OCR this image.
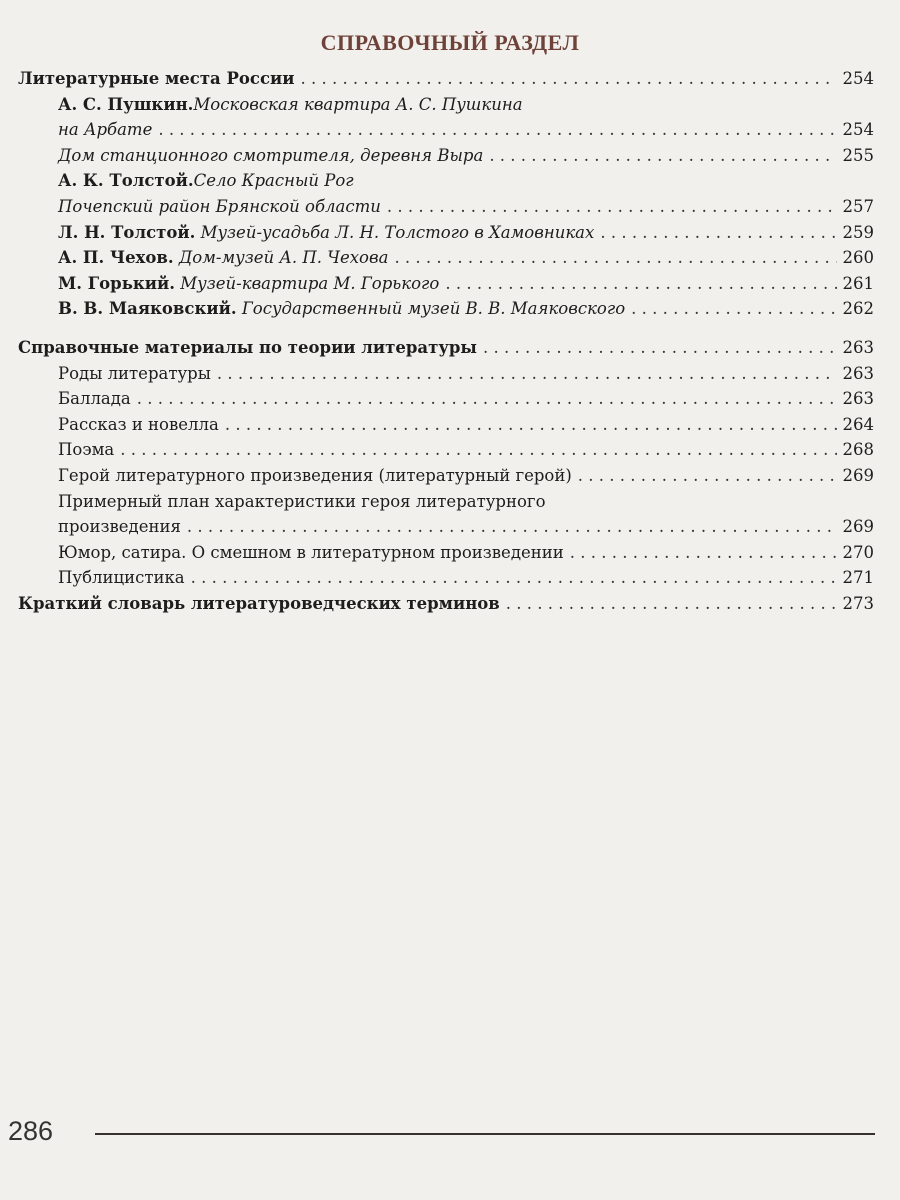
СПРАВОЧНЫЙ РАЗДЕЛ
Литературные места России . . .	254
А. С. Пушкин. Московская квартира А. С. Пушкина
на Арбате . . .	254
Дом станционного смотрителя, деревня Выра . . .	255
А. К. Толстой. Село Красный Рог
Почепский район Брянской области . . .	257
Л. Н. Толстой.
Музей-усадьба Л. Н. Толстого в Хамовниках . . .	259
А. П. Чехов.
Дом-музей А. П. Чехова . . .	260
М. Горький.
Музей-квартира М. Горького . . .	261
В. В. Маяковский.
Государственный музей В. В. Маяковского . . .	262
Справочные материалы по теории литературы . . .	263
Роды литературы . . .	263
Баллада . . .	263
Рассказ и новелла . . .	264
Поэма . . .	268
Герой литературного произведения (литературный герой) . . .	269
Примерный план характеристики героя литературного
произведения . . .	269
Юмор, сатира. О смешном в литературном произведении . . .	270
Публицистика . . .	271
Краткий словарь литературоведческих терминов . . .	273
286
